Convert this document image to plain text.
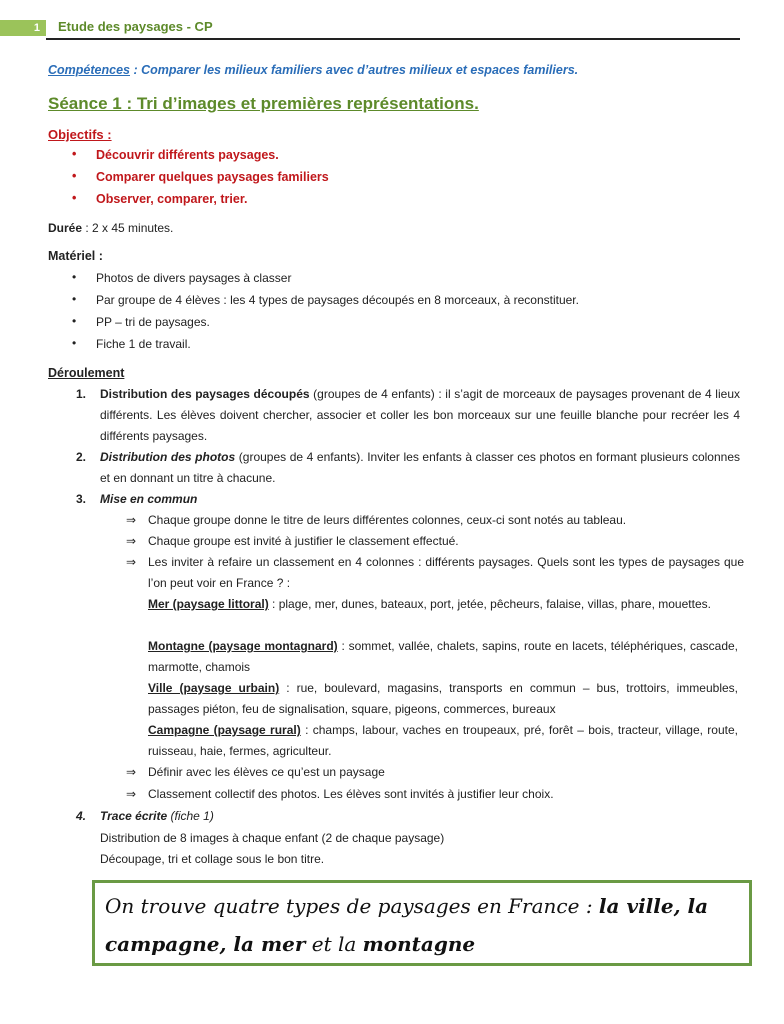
1	Etude des paysages - CP
Compétences : Comparer les milieux familiers avec d’autres milieux et espaces familiers.
Séance 1 : Tri d’images et premières représentations.
Objectifs :
• Découvrir différents paysages.
• Comparer quelques paysages familiers
• Observer, comparer, trier.
Durée : 2 x 45 minutes.
Matériel :
• Photos de divers paysages à classer
• Par groupe de 4 élèves : les 4 types de paysages découpés en 8 morceaux, à reconstituer.
• PP – tri de paysages.
• Fiche 1 de travail.
Déroulement
1. Distribution des paysages découpés (groupes de 4 enfants) : il s’agit de morceaux de paysages provenant de 4 lieux différents. Les élèves doivent chercher, associer et coller les bon morceaux sur une feuille blanche pour recréer les 4 différents paysages.
2. Distribution des photos (groupes de 4 enfants). Inviter les enfants à classer ces photos en formant plusieurs colonnes et en donnant un titre à chacune.
3. Mise en commun
⇒ Chaque groupe donne le titre de leurs différentes colonnes, ceux-ci sont notés au tableau.
⇒ Chaque groupe est invité à justifier le classement effectué.
⇒ Les inviter à refaire un classement en 4 colonnes : différents paysages. Quels sont les types de paysages que l’on peut voir en France ? :
Mer (paysage littoral) : plage, mer, dunes, bateaux, port, jetée, pêcheurs, falaise, villas, phare, mouettes.
Montagne (paysage montagnard) : sommet, vallée, chalets, sapins, route en lacets, téléphériques, cascade, marmotte, chamois
Ville (paysage urbain) : rue, boulevard, magasins, transports en commun – bus, trottoirs, immeubles, passages piéton, feu de signalisation, square, pigeons, commerces, bureaux
Campagne (paysage rural) : champs, labour, vaches en troupeaux, pré, forêt – bois, tracteur, village, route, ruisseau, haie, fermes, agriculteur.
⇒ Définir avec les élèves ce qu’est un paysage
⇒ Classement collectif des photos. Les élèves sont invités à justifier leur choix.
4. Trace écrite (fiche 1)
Distribution de 8 images à chaque enfant (2 de chaque paysage)
Découpage, tri et collage sous le bon titre.
On trouve quatre types de paysages en France : la ville, la campagne, la mer et la montagne
